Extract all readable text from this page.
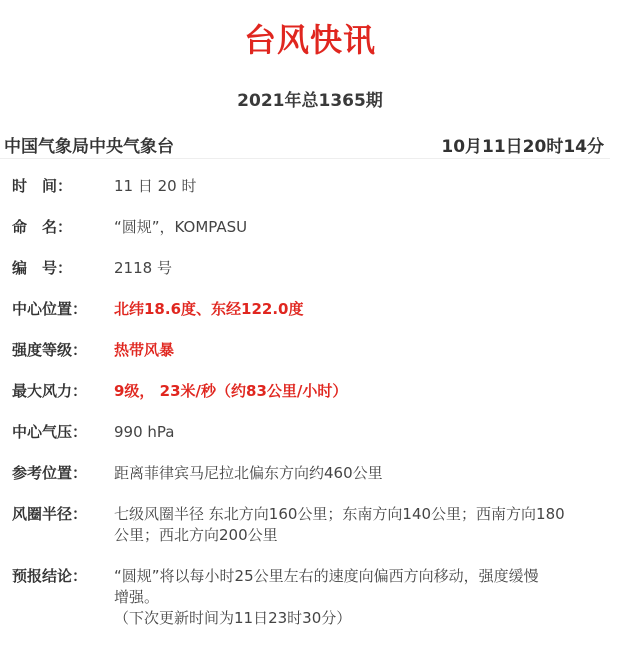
台风快讯
2021年总1365期
中国气象局中央气象台	10月11日20时14分
时　间：	11 日 20 时
命　名：	“圆规”，KOMPASU
编　号：	2118 号
中心位置：	北纬18.6度、东经122.0度
强度等级：	热带风暴
最大风力：	9级， 23米/秒（约83公里/小时）
中心气压：	990 hPa
参考位置：	距离菲律宾马尼拉北偏东方向约460公里
风圈半径：	七级风圈半径 东北方向160公里；东南方向140公里；西南方向180
公里；西北方向200公里
预报结论：	“圆规”将以每小时25公里左右的速度向偏西方向移动，强度缓慢
增强。
（下次更新时间为11日23时30分）
